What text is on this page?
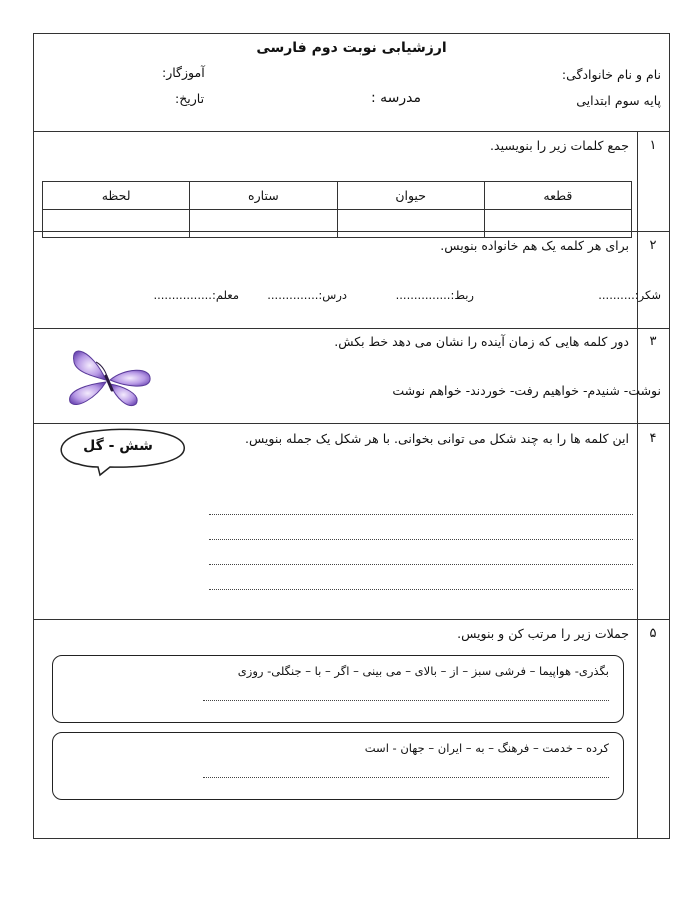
ارزشیابی نوبت دوم فارسی
نام و نام خانوادگی:
آموزگار:
پایه سوم ابتدایی
مدرسه :
تاریخ:
١
جمع کلمات زیر را بنویسید.
قطعه	حیوان	ستاره	لحظه

٢
برای هر کلمه یک هم خانواده بنویس.
شکر:..........
ربط:...............
درس:..............
معلم:................
٣
دور کلمه هایی که زمان آینده را نشان می دهد خط بکش.
نوشت- شنیدم- خواهیم رفت- خوردند- خواهم نوشت
۴
این کلمه ها را به چند شکل می توانی بخوانی. با هر شکل یک جمله بنویس.
شش - گل
۵
جملات زیر را مرتب کن و بنویس.
بگذری- هواپیما – فرشی سبز – از – بالای – می بینی – اگر – با – جنگلی- روزی
کرده – خدمت – فرهنگ – به – ایران – جهان - است
